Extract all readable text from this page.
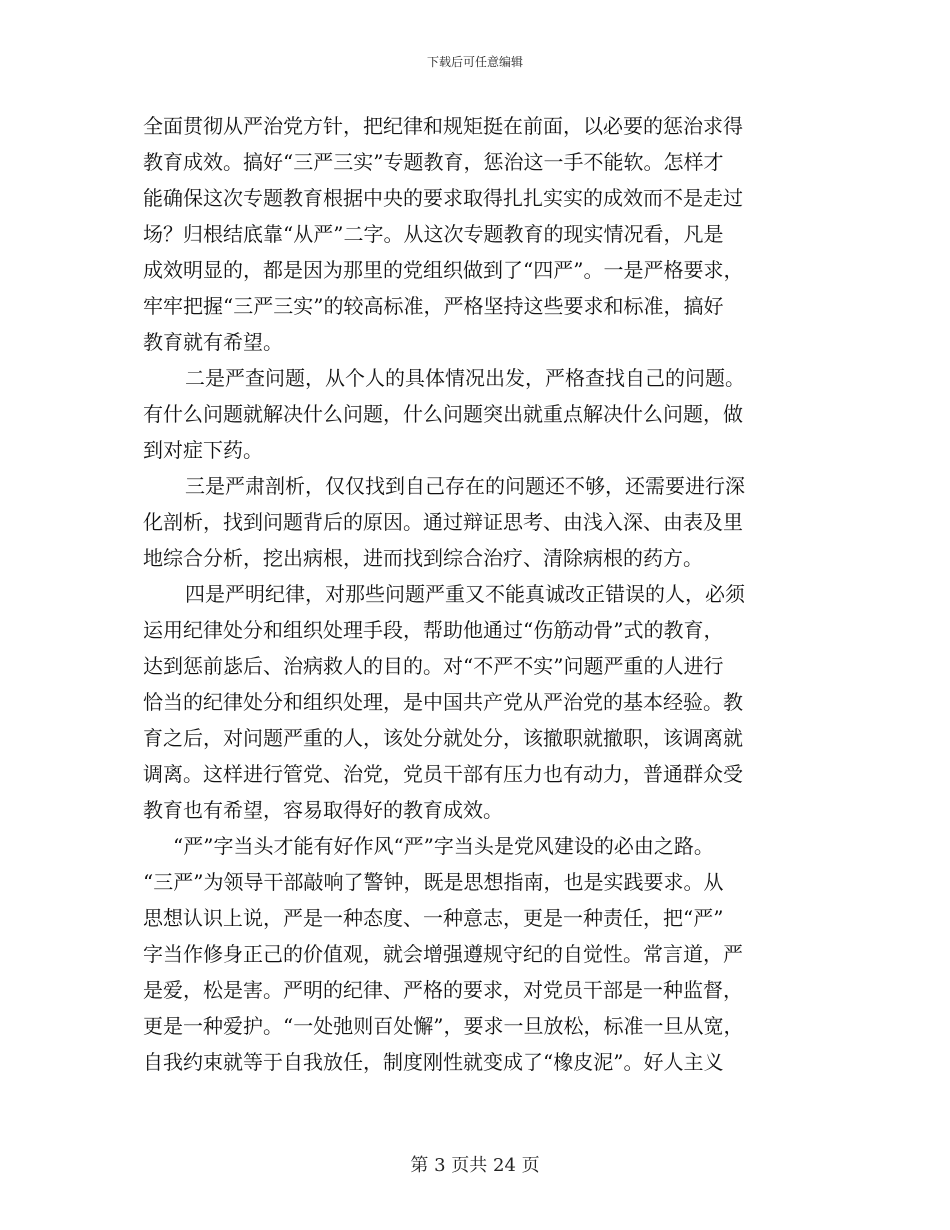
下载后可任意编辑
全面贯彻从严治党方针，把纪律和规矩挺在前面，以必要的惩治求得
教育成效。搞好“三严三实”专题教育，惩治这一手不能软。怎样才
能确保这次专题教育根据中央的要求取得扎扎实实的成效而不是走过
场？归根结底靠“从严”二字。从这次专题教育的现实情况看，凡是
成效明显的，都是因为那里的党组织做到了“四严”。一是严格要求，
牢牢把握“三严三实”的较高标准，严格坚持这些要求和标准，搞好
教育就有希望。
二是严查问题，从个人的具体情况出发，严格查找自己的问题。
有什么问题就解决什么问题，什么问题突出就重点解决什么问题，做
到对症下药。
三是严肃剖析，仅仅找到自己存在的问题还不够，还需要进行深
化剖析，找到问题背后的原因。通过辩证思考、由浅入深、由表及里
地综合分析，挖出病根，进而找到综合治疗、清除病根的药方。
四是严明纪律，对那些问题严重又不能真诚改正错误的人，必须
运用纪律处分和组织处理手段，帮助他通过“伤筋动骨”式的教育，
达到惩前毖后、治病救人的目的。对“不严不实”问题严重的人进行
恰当的纪律处分和组织处理，是中国共产党从严治党的基本经验。教
育之后，对问题严重的人，该处分就处分，该撤职就撤职，该调离就
调离。这样进行管党、治党，党员干部有压力也有动力，普通群众受
教育也有希望，容易取得好的教育成效。
“严”字当头才能有好作风“严”字当头是党风建设的必由之路。
“三严”为领导干部敲响了警钟，既是思想指南，也是实践要求。从
思想认识上说，严是一种态度、一种意志，更是一种责任，把“严”
字当作修身正己的价值观，就会增强遵规守纪的自觉性。常言道，严
是爱，松是害。严明的纪律、严格的要求，对党员干部是一种监督，
更是一种爱护。“一处弛则百处懈”，要求一旦放松，标准一旦从宽，
自我约束就等于自我放任，制度刚性就变成了“橡皮泥”。好人主义
第 3 页共 24 页
